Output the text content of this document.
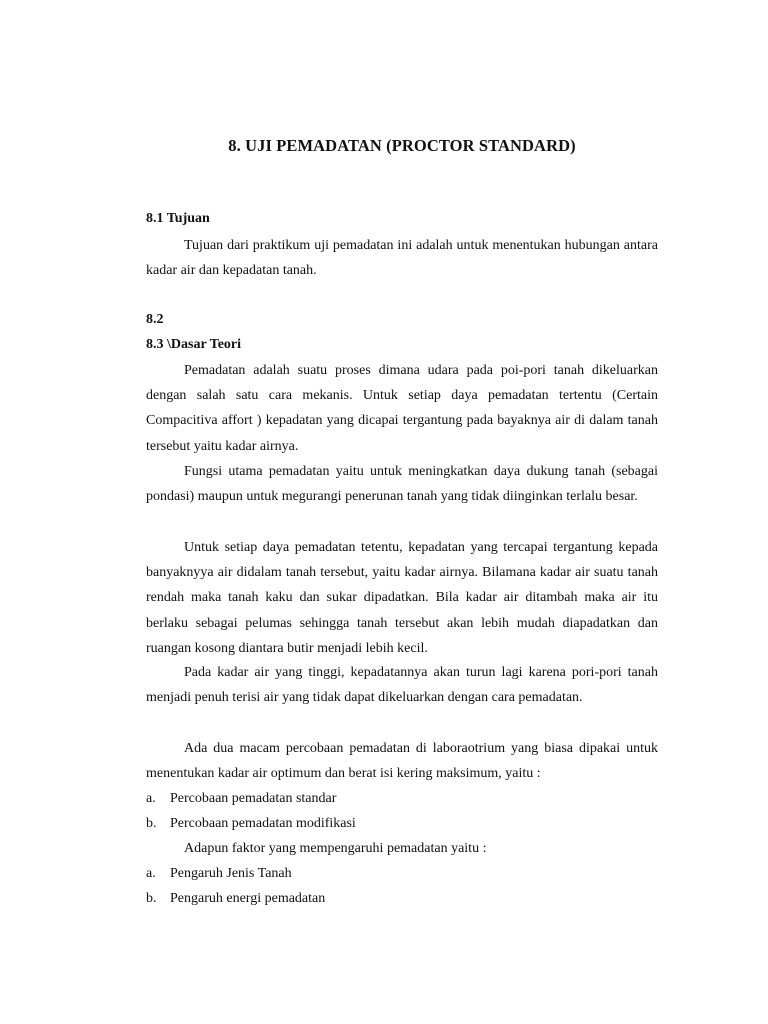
8. UJI PEMADATAN (PROCTOR STANDARD)
8.1 Tujuan

Tujuan dari praktikum uji pemadatan ini adalah untuk menentukan hubungan antara kadar air dan kepadatan tanah.

8.2
8.3 \Dasar Teori

Pemadatan adalah suatu proses dimana udara pada poi-pori tanah dikeluarkan dengan salah satu cara mekanis. Untuk setiap daya pemadatan tertentu (Certain Compacitiva affort ) kepadatan yang dicapai tergantung pada bayaknya air di dalam tanah tersebut yaitu kadar airnya.

Fungsi utama pemadatan yaitu untuk meningkatkan daya dukung tanah (sebagai pondasi) maupun untuk megurangi penerunan tanah yang tidak diinginkan terlalu besar.

Untuk setiap daya pemadatan tetentu, kepadatan yang tercapai tergantung kepada banyaknyya air didalam tanah tersebut, yaitu kadar airnya. Bilamana kadar air suatu tanah rendah maka tanah kaku dan sukar dipadatkan. Bila kadar air ditambah maka air itu berlaku sebagai pelumas sehingga tanah tersebut akan lebih mudah diapadatkan dan ruangan kosong diantara butir menjadi lebih kecil.

Pada kadar air yang tinggi, kepadatannya akan turun lagi karena pori-pori tanah menjadi penuh terisi air yang tidak dapat dikeluarkan dengan cara pemadatan.

Ada dua macam percobaan pemadatan di laboraotrium yang biasa dipakai untuk menentukan kadar air optimum dan berat isi kering maksimum, yaitu :

a. Percobaan pemadatan standar
b. Percobaan pemadatan modifikasi

Adapun faktor yang mempengaruhi pemadatan yaitu :

a. Pengaruh Jenis Tanah
b. Pengaruh energi pemadatan
